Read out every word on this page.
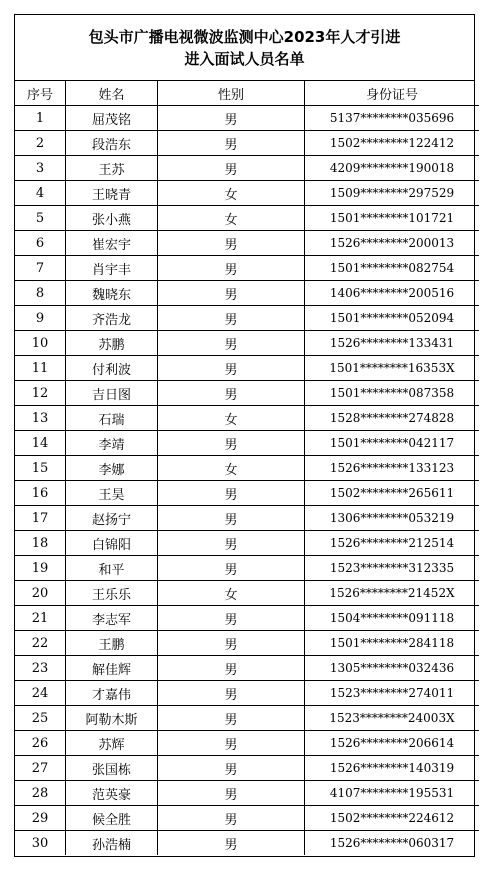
包头市广播电视微波监测中心2023年人才引进
进入面试人员名单
序号	姓名	性别	身份证号
1	屈茂铭	男	5137********035696
2	段浩东	男	1502********122412
3	王苏	男	4209********190018
4	王晓青	女	1509********297529
5	张小燕	女	1501********101721
6	崔宏宇	男	1526********200013
7	肖宇丰	男	1501********082754
8	魏晓东	男	1406********200516
9	齐浩龙	男	1501********052094
10	苏鹏	男	1526********133431
11	付利波	男	1501********16353X
12	吉日图	男	1501********087358
13	石瑞	女	1528********274828
14	李靖	男	1501********042117
15	李娜	女	1526********133123
16	王昊	男	1502********265611
17	赵扬宁	男	1306********053219
18	白锦阳	男	1526********212514
19	和平	男	1523********312335
20	王乐乐	女	1526********21452X
21	李志军	男	1504********091118
22	王鹏	男	1501********284118
23	解佳辉	男	1305********032436
24	才嘉伟	男	1523********274011
25	阿勒木斯	男	1523********24003X
26	苏辉	男	1526********206614
27	张国栋	男	1526********140319
28	范英豪	男	4107********195531
29	候全胜	男	1502********224612
30	孙浩楠	男	1526********060317
